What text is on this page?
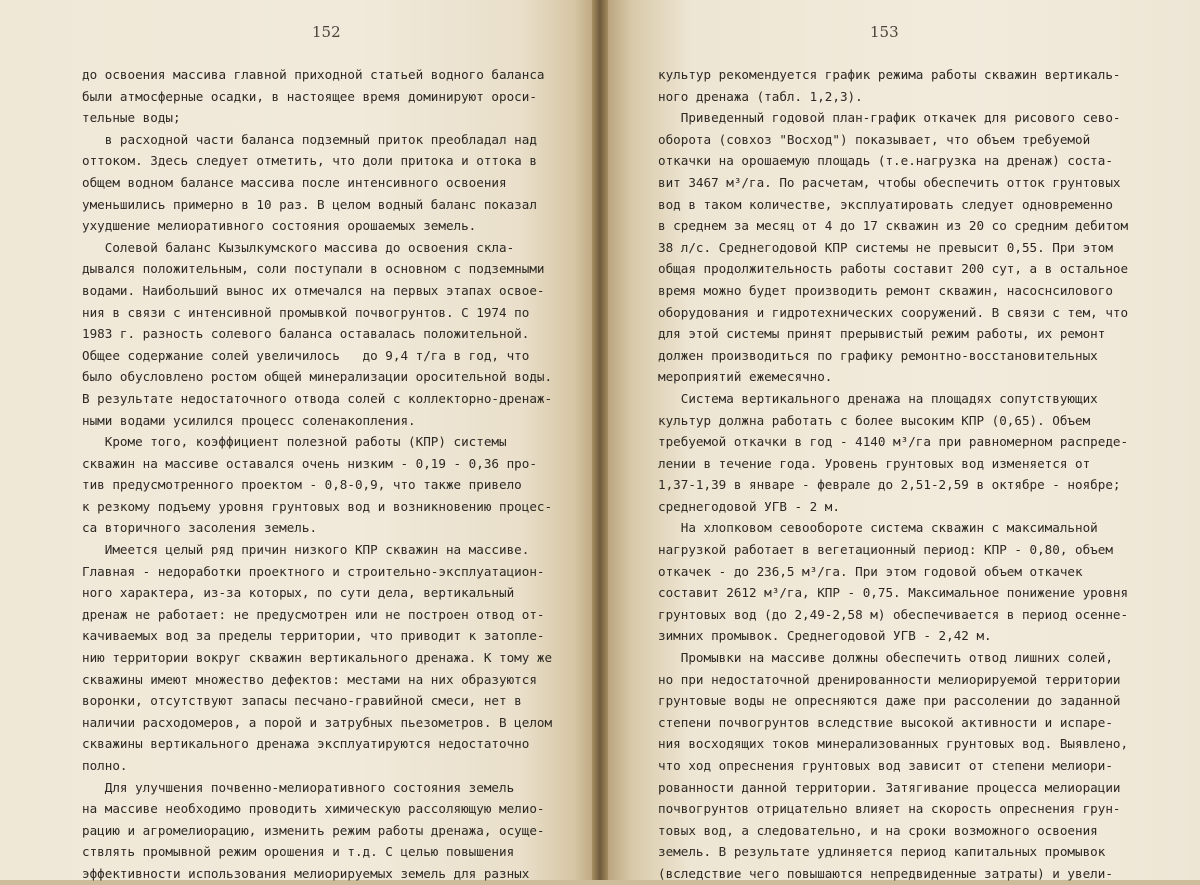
152
до освоения массива главной приходной статьей водного баланса
были атмосферные осадки, в настоящее время доминируют ороси-
тельные воды;
в расходной части баланса подземный приток преобладал над
оттоком. Здесь следует отметить, что доли притока и оттока в
общем водном балансе массива после интенсивного освоения
уменьшились примерно в 10 раз. В целом водный баланс показал
ухудшение мелиоративного состояния орошаемых земель.
Солевой баланс Кызылкумского массива до освоения скла-
дывался положительным, соли поступали в основном с подземными
водами. Наибольший вынос их отмечался на первых этапах освое-
ния в связи с интенсивной промывкой почвогрунтов. С 1974 по
1983 г. разность солевого баланса оставалась положительной.
Общее содержание солей увеличилось   до 9,4 т/га в год, что
было обусловлено ростом общей минерализации оросительной воды.
В результате недостаточного отвода солей с коллекторно-дренаж-
ными водами усилился процесс соленакопления.
Кроме того, коэффициент полезной работы (КПР) системы
скважин на массиве оставался очень низким - 0,19 - 0,36 про-
тив предусмотренного проектом - 0,8-0,9, что также привело
к резкому подъему уровня грунтовых вод и возникновению процес-
са вторичного засоления земель.
Имеется целый ряд причин низкого КПР скважин на массиве.
Главная - недоработки проектного и строительно-эксплуатацион-
ного характера, из-за которых, по сути дела, вертикальный
дренаж не работает: не предусмотрен или не построен отвод от-
качиваемых вод за пределы территории, что приводит к затопле-
нию территории вокруг скважин вертикального дренажа. К тому же
скважины имеют множество дефектов: местами на них образуются
воронки, отсутствуют запасы песчано-гравийной смеси, нет в
наличии расходомеров, а порой и затрубных пьезометров. В целом
скважины вертикального дренажа эксплуатируются недостаточно
полно.
Для улучшения почвенно-мелиоративного состояния земель
на массиве необходимо проводить химическую рассоляющую мелио-
рацию и агромелиорацию, изменить режим работы дренажа, осуще-
ствлять промывной режим орошения и т.д. С целью повышения
эффективности использования мелиорируемых земель для разных
153
культур рекомендуется график режима работы скважин вертикаль-
ного дренажа (табл. 1,2,3).
Приведенный годовой план-график откачек для рисового сево-
оборота (совхоз "Восход") показывает, что объем требуемой
откачки на орошаемую площадь (т.е.нагрузка на дренаж) соста-
вит 3467 м³/га. По расчетам, чтобы обеспечить отток грунтовых
вод в таком количестве, эксплуатировать следует одновременно
в среднем за месяц от 4 до 17 скважин из 20 со средним дебитом
38 л/с. Среднегодовой КПР системы не превысит 0,55. При этом
общая продолжительность работы составит 200 сут, а в остальное
время можно будет производить ремонт скважин, насоснсилового
оборудования и гидротехнических сооружений. В связи с тем, что
для этой системы принят прерывистый режим работы, их ремонт
должен производиться по графику ремонтно-восстановительных
мероприятий ежемесячно.
Система вертикального дренажа на площадях сопутствующих
культур должна работать с более высоким КПР (0,65). Объем
требуемой откачки в год - 4140 м³/га при равномерном распреде-
лении в течение года. Уровень грунтовых вод изменяется от
1,37-1,39 в январе - феврале до 2,51-2,59 в октябре - ноябре;
среднегодовой УГВ - 2 м.
На хлопковом севообороте система скважин с максимальной
нагрузкой работает в вегетационный период: КПР - 0,80, объем
откачек - до 236,5 м³/га. При этом годовой объем откачек
составит 2612 м³/га, КПР - 0,75. Максимальное понижение уровня
грунтовых вод (до 2,49-2,58 м) обеспечивается в период осенне-
зимних промывок. Среднегодовой УГВ - 2,42 м.
Промывки на массиве должны обеспечить отвод лишних солей,
но при недостаточной дренированности мелиорируемой территории
грунтовые воды не опресняются даже при рассолении до заданной
степени почвогрунтов вследствие высокой активности и испаре-
ния восходящих токов минерализованных грунтовых вод. Выявлено,
что ход опреснения грунтовых вод зависит от степени мелиори-
рованности данной территории. Затягивание процесса мелиорации
почвогрунтов отрицательно влияет на скорость опреснения грун-
товых вод, а следовательно, и на сроки возможного освоения
земель. В результате удлиняется период капитальных промывок
(вследствие чего повышаются непредвиденные затраты) и увели-
